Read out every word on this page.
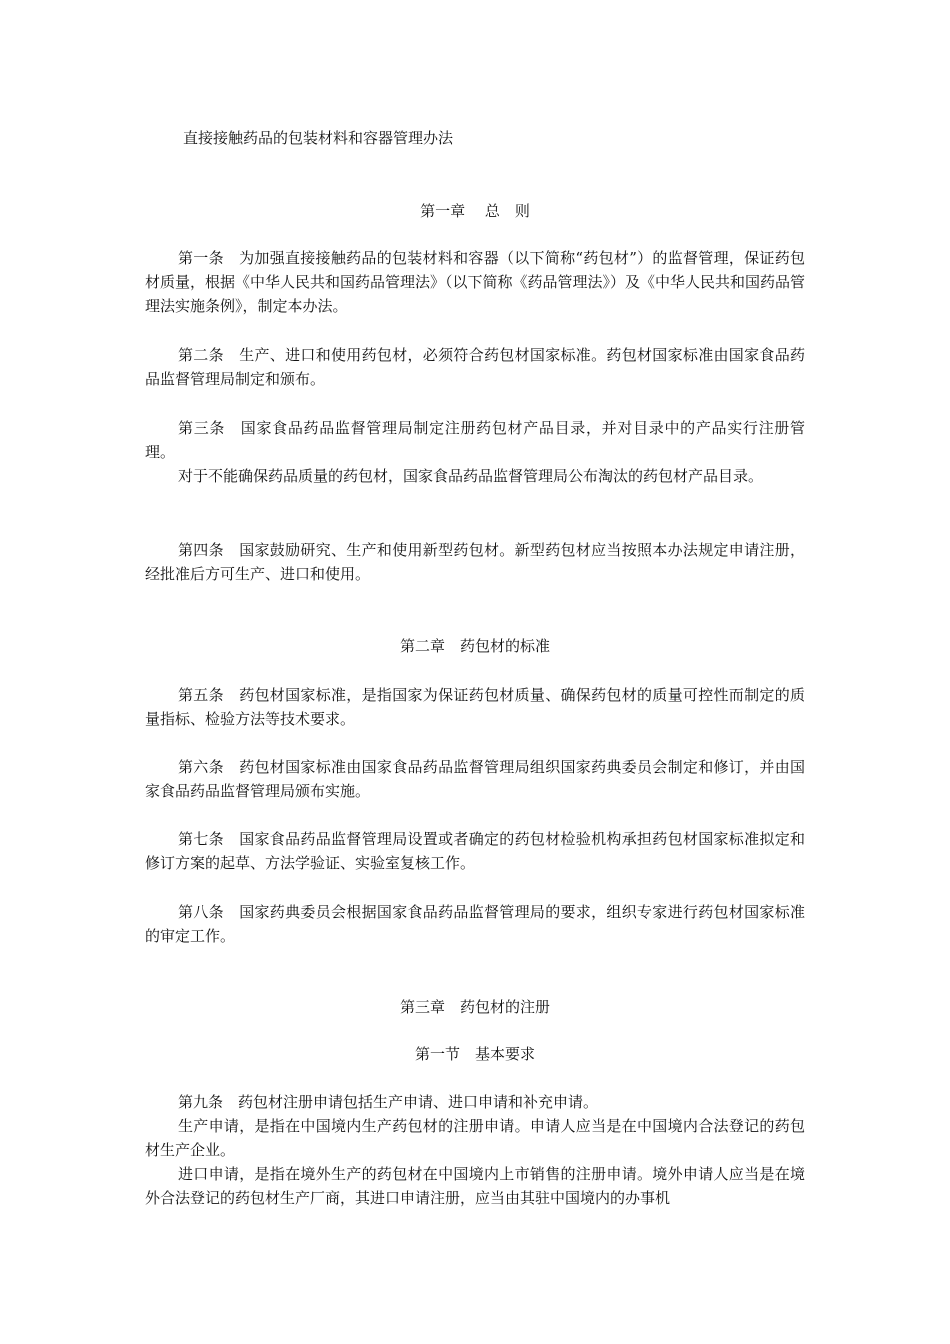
直接接触药品的包装材料和容器管理办法
第一章　 总　则

第一条　为加强直接接触药品的包装材料和容器（以下简称“药包材”）的监督管理，保证药包材质量，根据《中华人民共和国药品管理法》（以下简称《药品管理法》）及《中华人民共和国药品管理法实施条例》，制定本办法。

第二条　生产、进口和使用药包材，必须符合药包材国家标准。药包材国家标准由国家食品药品监督管理局制定和颁布。

第三条　国家食品药品监督管理局制定注册药包材产品目录，并对目录中的产品实行注册管理。

对于不能确保药品质量的药包材，国家食品药品监督管理局公布淘汰的药包材产品目录。

第四条　国家鼓励研究、生产和使用新型药包材。新型药包材应当按照本办法规定申请注册，经批准后方可生产、进口和使用。

第二章　药包材的标准

第五条　药包材国家标准，是指国家为保证药包材质量、确保药包材的质量可控性而制定的质量指标、检验方法等技术要求。

第六条　药包材国家标准由国家食品药品监督管理局组织国家药典委员会制定和修订，并由国家食品药品监督管理局颁布实施。

第七条　国家食品药品监督管理局设置或者确定的药包材检验机构承担药包材国家标准拟定和修订方案的起草、方法学验证、实验室复核工作。

第八条　国家药典委员会根据国家食品药品监督管理局的要求，组织专家进行药包材国家标准的审定工作。

第三章　药包材的注册
第一节　基本要求

第九条　药包材注册申请包括生产申请、进口申请和补充申请。

生产申请，是指在中国境内生产药包材的注册申请。申请人应当是在中国境内合法登记的药包材生产企业。

进口申请，是指在境外生产的药包材在中国境内上市销售的注册申请。境外申请人应当是在境外合法登记的药包材生产厂商，其进口申请注册，应当由其驻中国境内的办事机
